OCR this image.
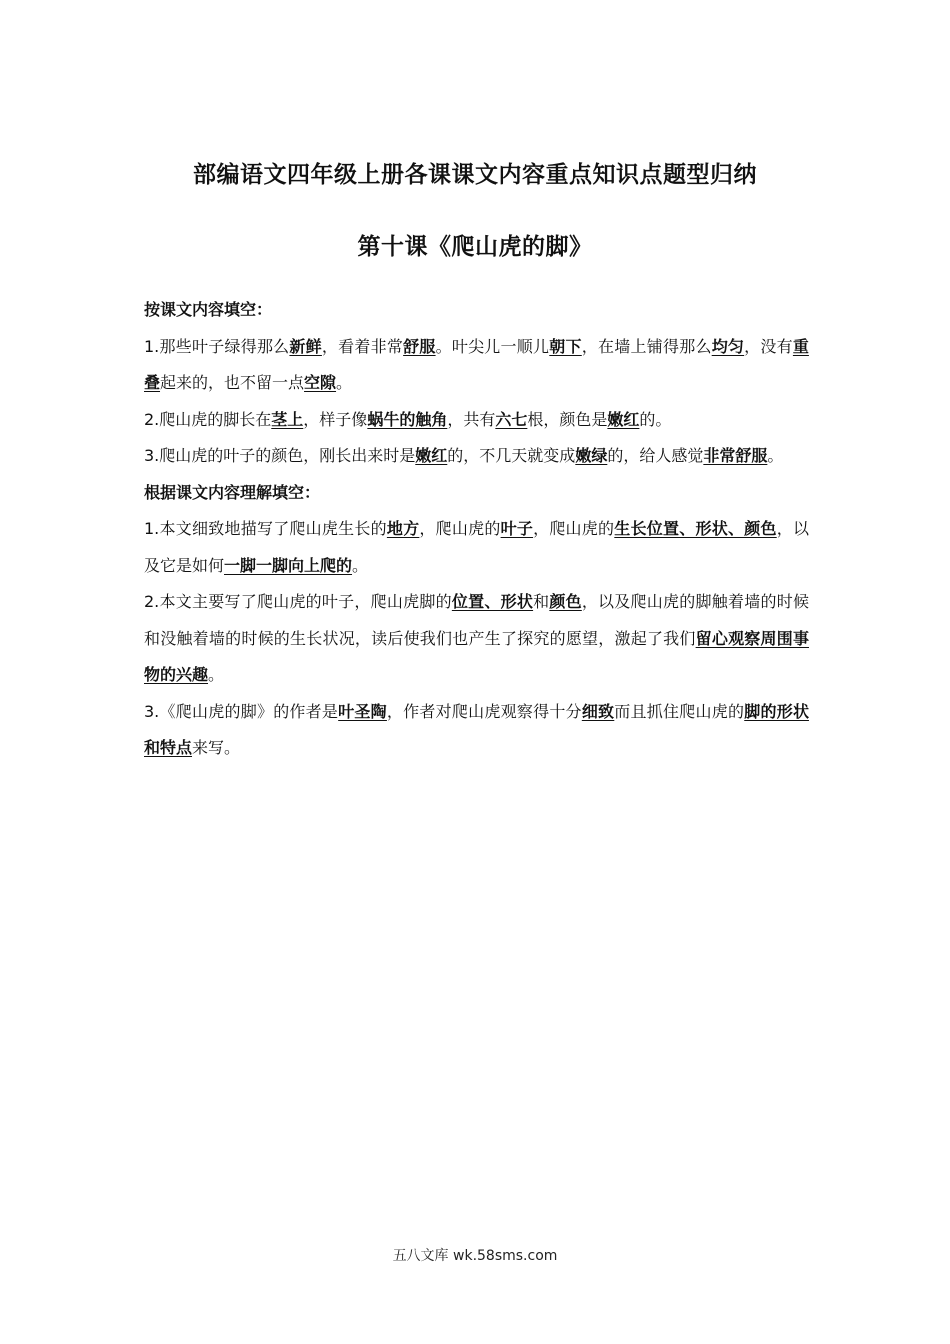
部编语文四年级上册各课课文内容重点知识点题型归纳
第十课《爬山虎的脚》

按课文内容填空：

1.那些叶子绿得那么新鲜，看着非常舒服。叶尖儿一顺儿朝下，在墙上铺得那么均匀，没有重叠起来的，也不留一点空隙。

2.爬山虎的脚长在茎上，样子像蜗牛的触角，共有六七根，颜色是嫩红的。

3.爬山虎的叶子的颜色，刚长出来时是嫩红的，不几天就变成嫩绿的，给人感觉非常舒服。

根据课文内容理解填空：

1.本文细致地描写了爬山虎生长的地方，爬山虎的叶子，爬山虎的生长位置、形状、颜色，以及它是如何一脚一脚向上爬的。

2.本文主要写了爬山虎的叶子，爬山虎脚的位置、形状和颜色，以及爬山虎的脚触着墙的时候和没触着墙的时候的生长状况，读后使我们也产生了探究的愿望，激起了我们留心观察周围事物的兴趣。

3.《爬山虎的脚》的作者是叶圣陶，作者对爬山虎观察得十分细致而且抓住爬山虎的脚的形状和特点来写。

五八文库 wk.58sms.com
